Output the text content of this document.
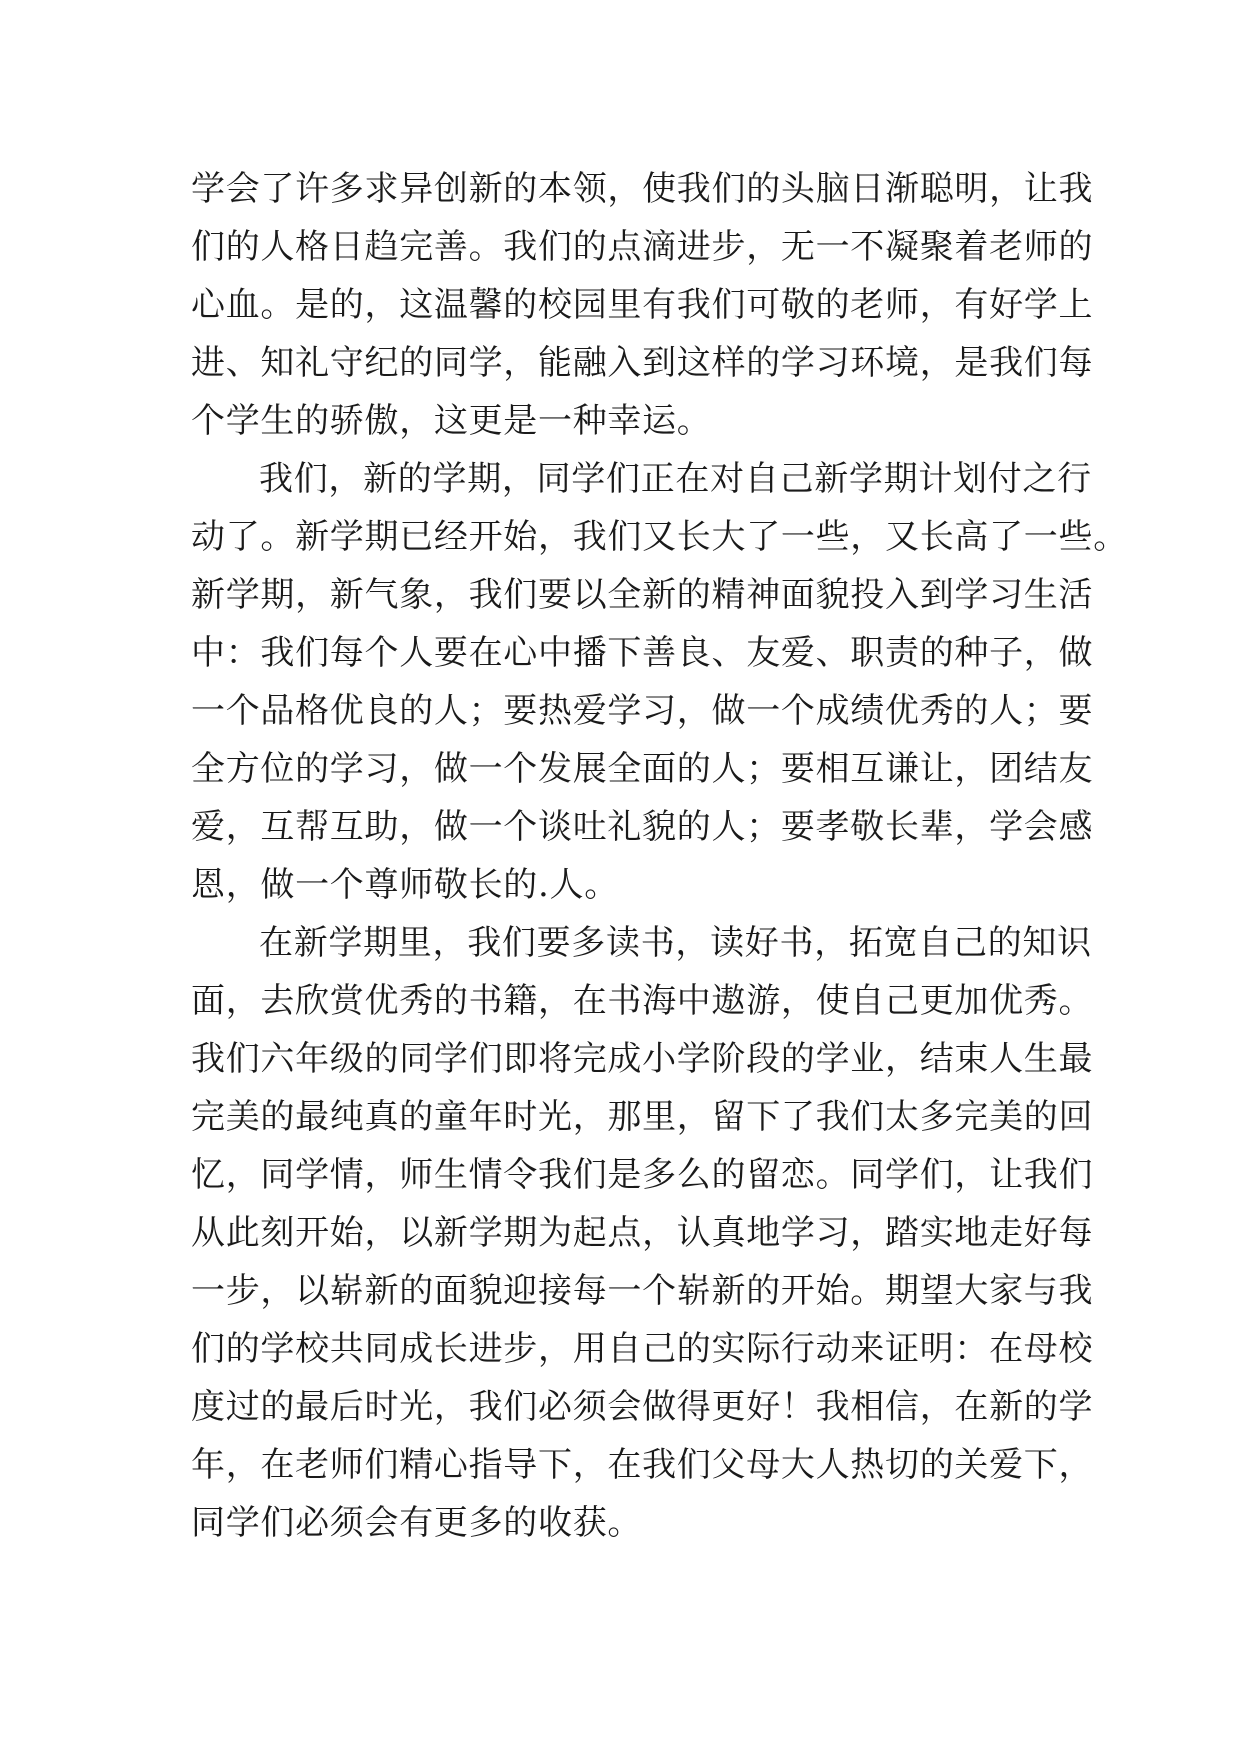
学会了许多求异创新的本领，使我们的头脑日渐聪明，让我
们的人格日趋完善。我们的点滴进步，无一不凝聚着老师的
心血。是的，这温馨的校园里有我们可敬的老师，有好学上
进、知礼守纪的同学，能融入到这样的学习环境，是我们每
个学生的骄傲，这更是一种幸运。
我们，新的学期，同学们正在对自己新学期计划付之行
动了。新学期已经开始，我们又长大了一些，又长高了一些。
新学期，新气象，我们要以全新的精神面貌投入到学习生活
中：我们每个人要在心中播下善良、友爱、职责的种子，做
一个品格优良的人；要热爱学习，做一个成绩优秀的人；要
全方位的学习，做一个发展全面的人；要相互谦让，团结友
爱，互帮互助，做一个谈吐礼貌的人；要孝敬长辈，学会感
恩，做一个尊师敬长的.人。
在新学期里，我们要多读书，读好书，拓宽自己的知识
面，去欣赏优秀的书籍，在书海中遨游，使自己更加优秀。
我们六年级的同学们即将完成小学阶段的学业，结束人生最
完美的最纯真的童年时光，那里，留下了我们太多完美的回
忆，同学情，师生情令我们是多么的留恋。同学们，让我们
从此刻开始，以新学期为起点，认真地学习，踏实地走好每
一步，以崭新的面貌迎接每一个崭新的开始。期望大家与我
们的学校共同成长进步，用自己的实际行动来证明：在母校
度过的最后时光，我们必须会做得更好！我相信，在新的学
年，在老师们精心指导下，在我们父母大人热切的关爱下，
同学们必须会有更多的收获。
